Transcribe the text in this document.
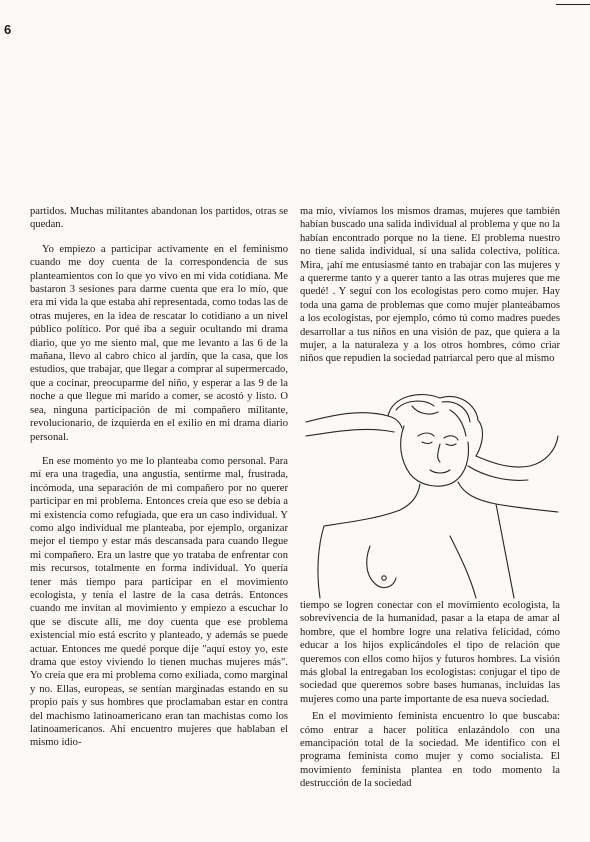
6

partidos. Muchas militantes abandonan los partidos, otras se quedan.

Yo empiezo a participar activamente en el feminismo cuando me doy cuenta de la correspondencia de sus planteamientos con lo que yo vivo en mi vida cotidiana. Me bastaron 3 sesiones para darme cuenta que era lo mío, que era mi vida la que estaba ahí representada, como todas las de otras mujeres, en la idea de rescatar lo cotidiano a un nivel público político. Por qué iba a seguir ocultando mi drama diario, que yo me siento mal, que me levanto a las 6 de la mañana, llevo al cabro chico al jardín, que la casa, que los estudios, que trabajar, que llegar a comprar al supermercado, que a cocinar, preocuparme del niño, y esperar a las 9 de la noche a que llegue mi marido a comer, se acostó y listo. O sea, ninguna participación de mi compañero militante, revolucionario, de izquierda en el exilio en mi drama diario personal.

En ese momento yo me lo planteaba como personal. Para mí era una tragedia, una angustia, sentirme mal, frustrada, incómoda, una separación de mi compañero por no querer participar en mi problema. Entonces creía que eso se debía a mi existencia como refugiada, que era un caso individual. Y como algo individual me planteaba, por ejemplo, organizar mejor el tiempo y estar más descansada para cuando llegue mi compañero. Era un lastre que yo trataba de enfrentar con mis recursos, totalmente en forma individual. Yo quería tener más tiempo para participar en el movimiento ecologista, y tenía el lastre de la casa detrás. Entonces cuando me invitan al movimiento y empiezo a escuchar lo que se discute allí, me doy cuenta que ese problema existencial mío está escrito y planteado, y además se puede actuar. Entonces me quedé porque dije "aquí estoy yo, este drama que estoy viviendo lo tienen muchas mujeres más". Yo creía que era mi problema como exiliada, como marginal y no. Ellas, europeas, se sentían marginadas estando en su propio país y sus hombres que proclamaban estar en contra del machismo latinoamericano eran tan machistas como los latinoamericanos. Ahí encuentro mujeres que hablaban el mismo idio-

ma mío, vivíamos los mismos dramas, mujeres que también habían buscado una salida individual al problema y que no la habían encontrado porque no la tiene. El problema nuestro no tiene salida individual, sí una salida colectiva, política. Mira, ¡ahí me entusiasmé tanto en trabajar con las mujeres y a quererme tanto y a querer tanto a las otras mujeres que me quedé! . Y seguí con los ecologistas pero como mujer. Hay toda una gama de problemas que como mujer planteábamos a los ecologistas, por ejemplo, cómo tú como madres puedes desarrollar a tus niños en una visión de paz, que quiera a la mujer, a la naturaleza y a los otros hombres, cómo criar niños que repudien la sociedad patriarcal pero que al mismo

tiempo se logren conectar con el movimiento ecologista, la sobrevivencia de la humanidad, pasar a la etapa de amar al hombre, que el hombre logre una relativa felicidad, cómo educar a los hijos explicándoles el tipo de relación que queremos con ellos como hijos y futuros hombres. La visión más global la entregaban los ecologistas: conjugar el tipo de sociedad que queremos sobre bases humanas, incluídas las mujeres como una parte importante de esa nueva sociedad.

En el movimiento feminista encuentro lo que buscaba: cómo entrar a hacer política enlazándolo con una emancipación total de la sociedad. Me identifico con el programa feminista como mujer y como socialista. El movimiento feminista plantea en todo momento la destrucción de la sociedad
